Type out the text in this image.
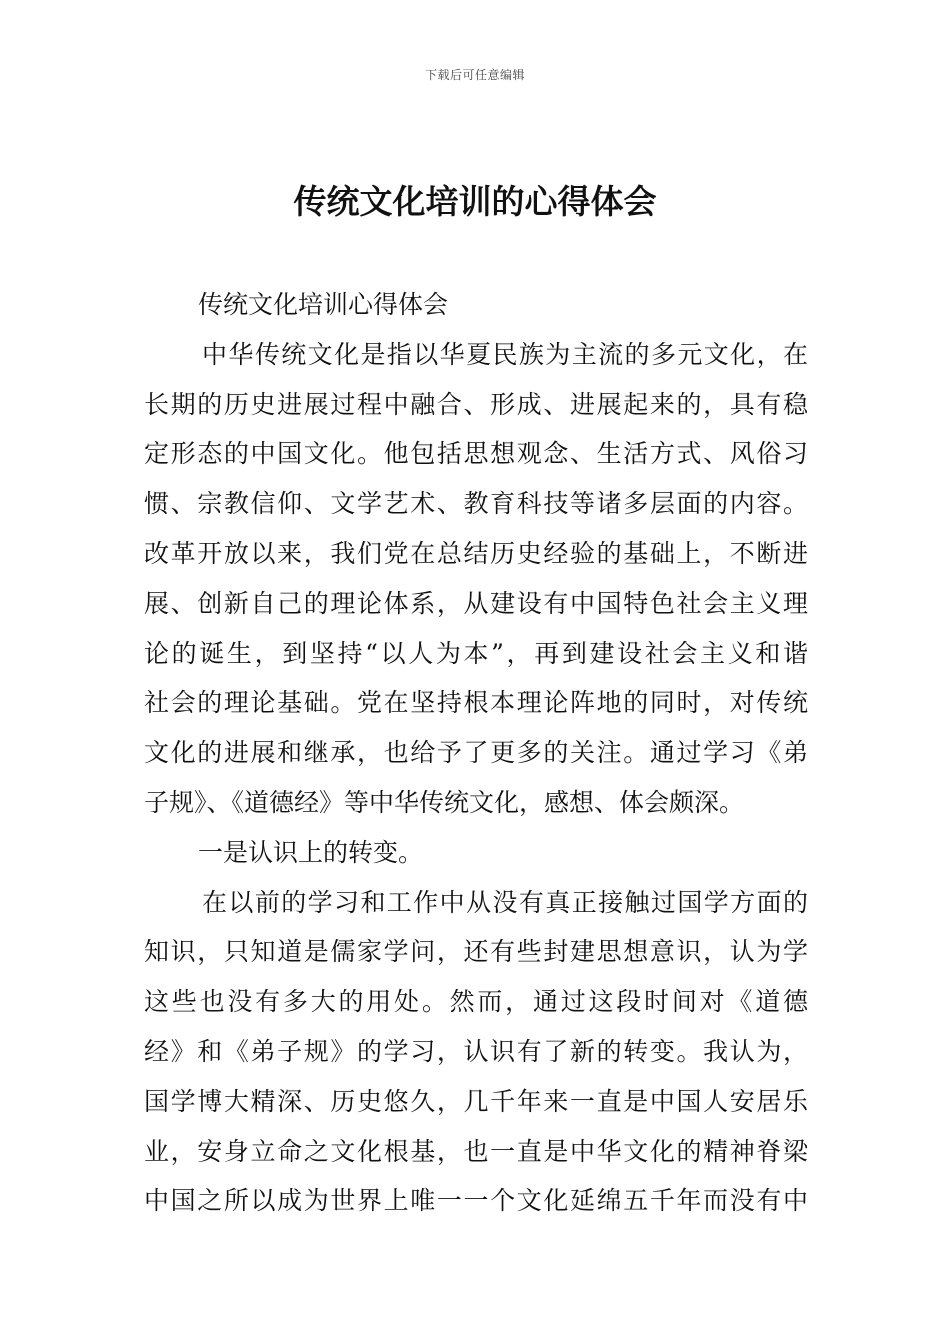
下载后可任意编辑
传统文化培训的心得体会
传统文化培训心得体会
中华传统文化是指以华夏民族为主流的多元文化，在
长期的历史进展过程中融合、形成、进展起来的，具有稳
定形态的中国文化。他包括思想观念、生活方式、风俗习
惯、宗教信仰、文学艺术、教育科技等诸多层面的内容。
改革开放以来，我们党在总结历史经验的基础上，不断进
展、创新自己的理论体系，从建设有中国特色社会主义理
论的诞生，到坚持“以人为本”，再到建设社会主义和谐
社会的理论基础。党在坚持根本理论阵地的同时，对传统
文化的进展和继承，也给予了更多的关注。通过学习《弟
子规》、《道德经》等中华传统文化，感想、体会颇深。
一是认识上的转变。
在以前的学习和工作中从没有真正接触过国学方面的
知识，只知道是儒家学问，还有些封建思想意识，认为学
这些也没有多大的用处。然而，通过这段时间对《道德
经》和《弟子规》的学习，认识有了新的转变。我认为，
国学博大精深、历史悠久，几千年来一直是中国人安居乐
业，安身立命之文化根基，也一直是中华文化的精神脊梁
中国之所以成为世界上唯一一个文化延绵五千年而没有中
